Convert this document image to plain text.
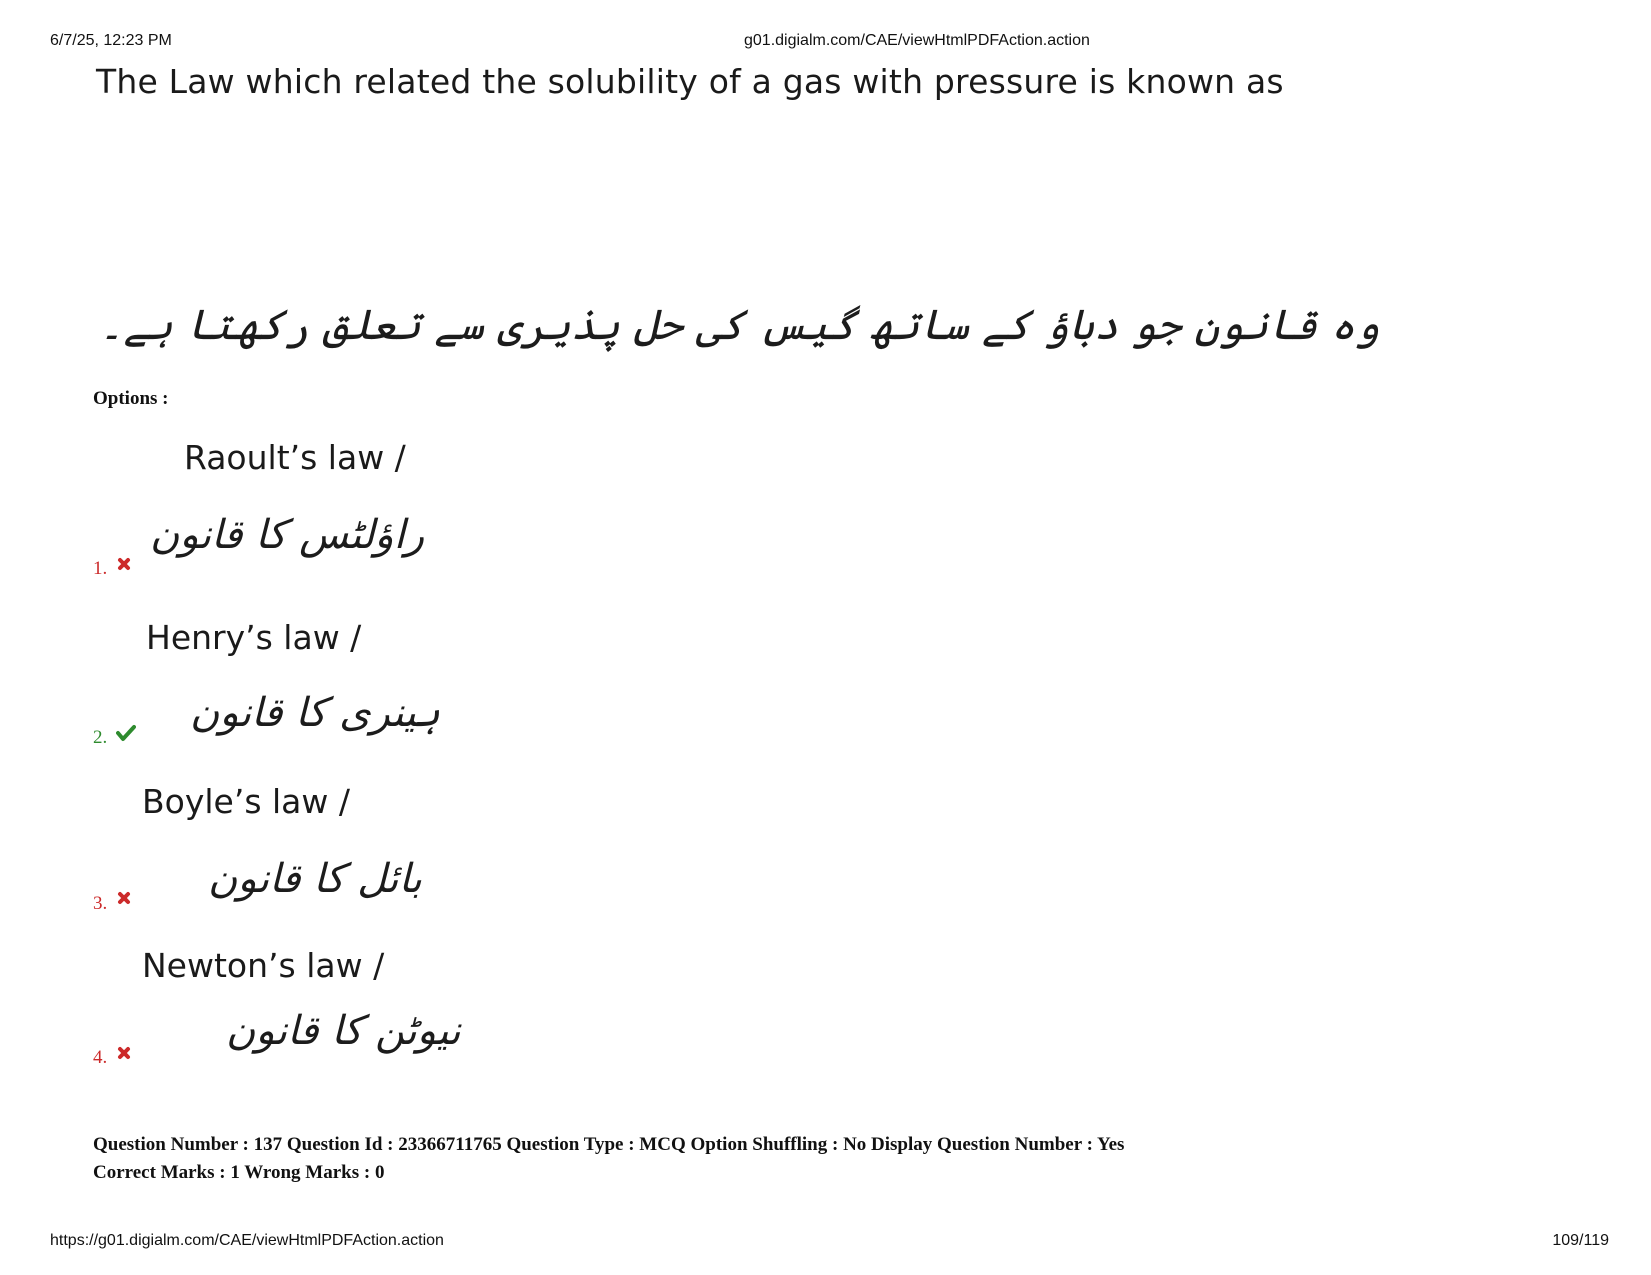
6/7/25, 12:23 PM	g01.digialm.com/CAE/viewHtmlPDFAction.action
The Law which related the solubility of a gas with pressure is known as
وہ قانون جو دباؤ کے ساتھ گیس کی حل پذیری سے تعلق رکھتا ہے۔
Options :
Raoult’s law /
راؤلٹس کا قانون
1.
Henry’s law /
ہینری کا قانون
2.
Boyle’s law /
بائل کا قانون
3.
Newton’s law /
نیوٹن کا قانون
4.
Question Number : 137 Question Id : 23366711765 Question Type : MCQ Option Shuffling : No Display Question Number : Yes
Correct Marks : 1 Wrong Marks : 0
https://g01.digialm.com/CAE/viewHtmlPDFAction.action	109/119
